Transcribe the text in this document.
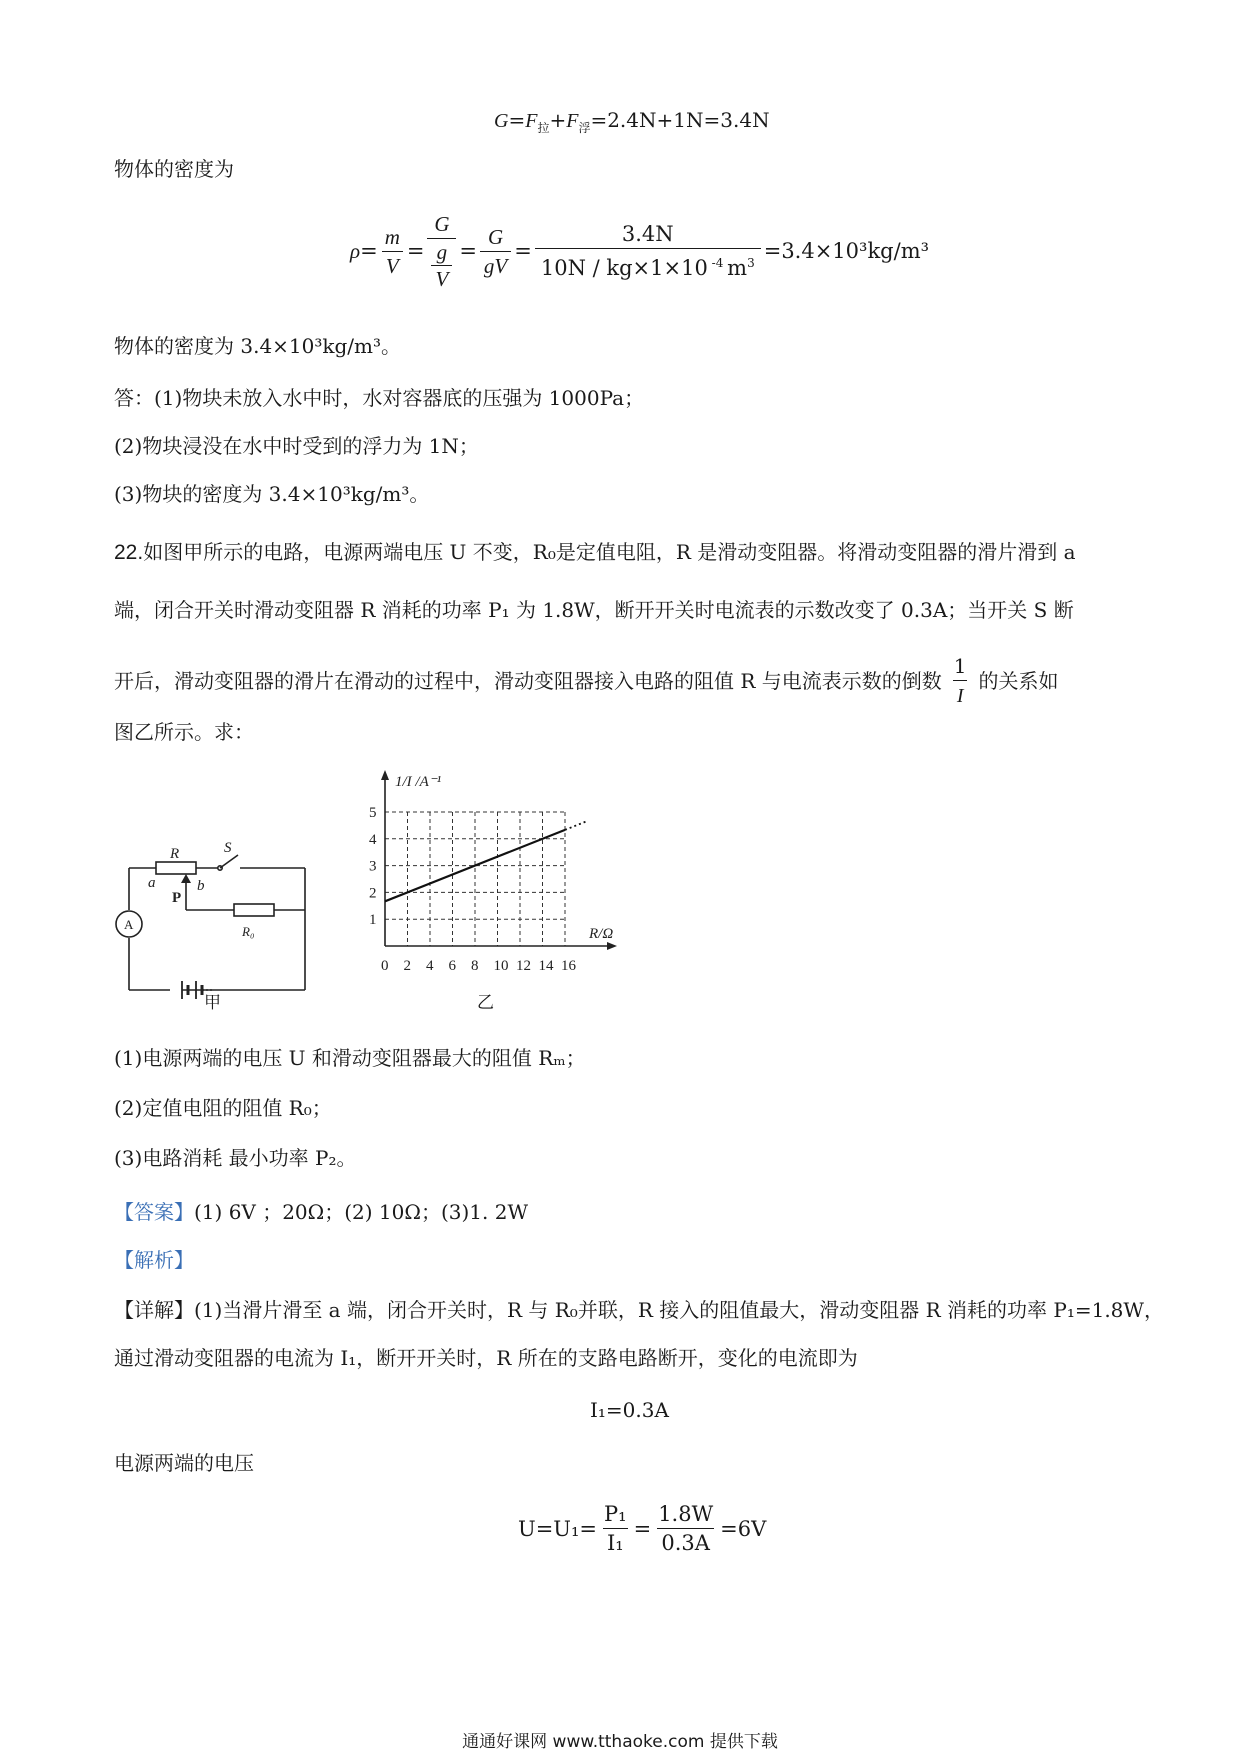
$G=F_拉+F_浮=2.4N+1N=3.4N$
物体的密度为
$\rho= \frac{m}{V} = G$
g
$V = \frac{G}{gV} = \frac{3.4N}{10N / kg\times 1\times 10 ^{-4} m^3} =3.4\times 10^3kg/m^3$
物体的密度为 3.4×10³kg/m³。
答：(1)物块未放入水中时，水对容器底的压强为 1000Pa；
(2)物块浸没在水中时受到的浮力为 1N；
(3)物块的密度为 3.4×10³kg/m³。
22.如图甲所示的电路，电源两端电压 U 不变，R₀是定值电阻，R 是滑动变阻器。将滑动变阻器的滑片滑到 a
端，闭合开关时滑动变阻器 R 消耗的功率 P₁ 为 1.8W，断开开关时电流表的示数改变了 0.3A；当开关 S 断
开后，滑动变阻器的滑片在滑动的过程中，滑动变阻器接入电路的阻值 R 与电流表示数的倒数 $\frac{1}{I}$ 的关系如
图乙所示。求：
R	S
a	b
P
A	R₀
甲
0 2 4 6 8 10 12 14 16
1
2
3
4
5
R/Ω
1/I /A⁻¹
乙
(1)电源两端的电压 U 和滑动变阻器最大的阻值 Rₘ；
(2)定值电阻的阻值 R₀；
(3)电路消耗 最小功率 P₂。
【答案】(1) 6V ；20Ω；(2) 10Ω；(3)1. 2W
【解析】
【详解】(1)当滑片滑至 a 端，闭合开关时，R 与 R₀并联，R 接入的阻值最大，滑动变阻器 R 消耗的功率 P₁=1.8W，
通过滑动变阻器的电流为 I₁，断开开关时，R 所在的支路电路断开，变化的电流即为
I₁=0.3A
电源两端的电压
$U=U_1= \frac{\text{P₁}}{\text{I₁}} = \frac{1.8W}{0.3A} =6V$
通通好课网 www.tthaoke.com 提供下载
